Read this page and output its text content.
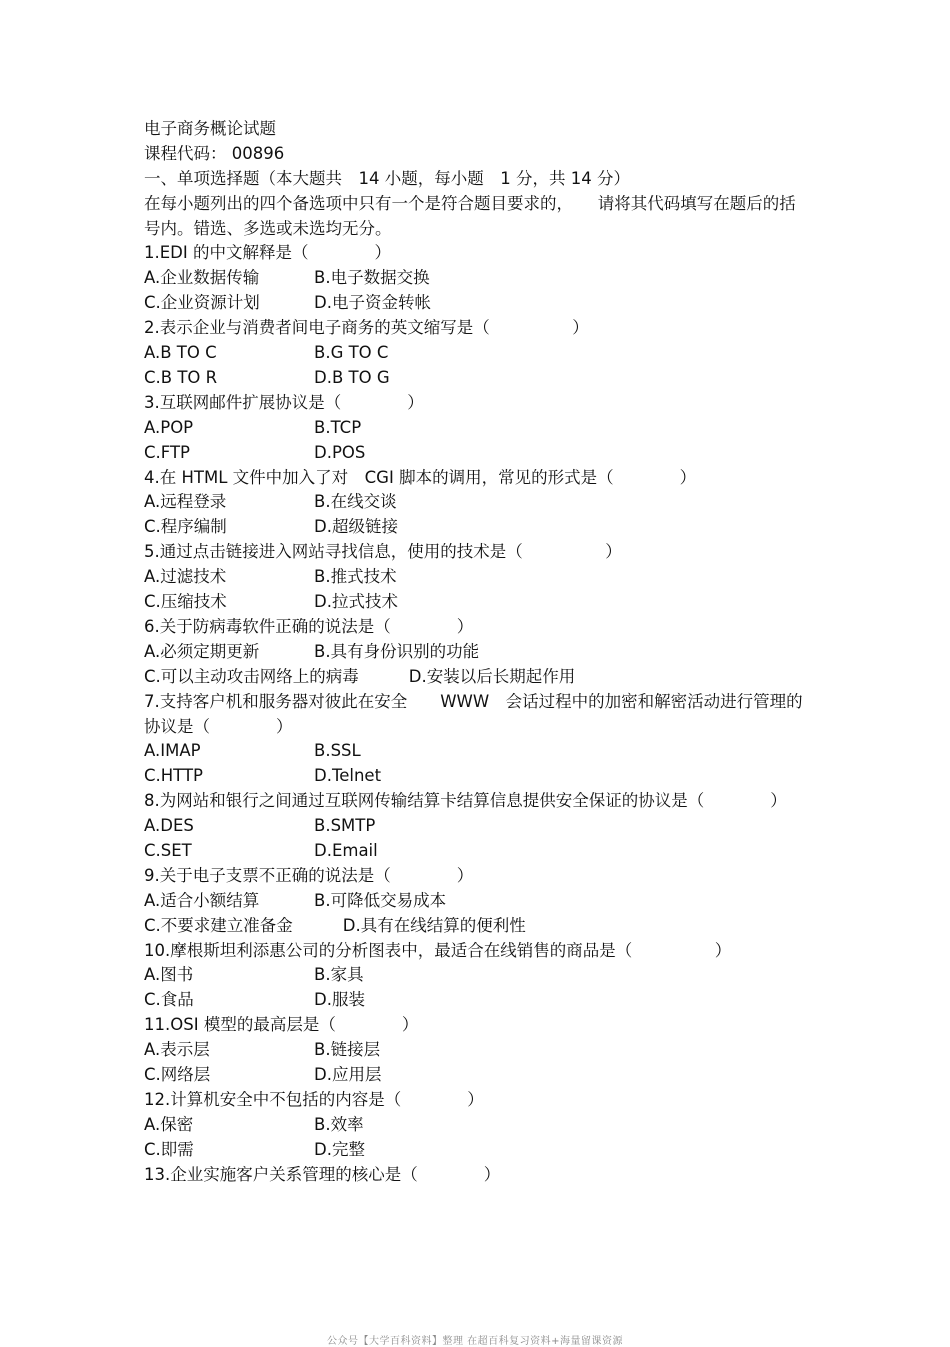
电子商务概论试题
课程代码： 00896
一、单项选择题（本大题共　14 小题，每小题　1 分，共 14 分）
在每小题列出的四个备选项中只有一个是符合题目要求的，　　请将其代码填写在题后的括号内。错选、多选或未选均无分。
1.EDI 的中文解释是（　　　　）
A.企业数据传输	B.电子数据交换
C.企业资源计划	D.电子资金转帐
2.表示企业与消费者间电子商务的英文缩写是（　　　　　）
A.B TO C	B.G TO C
C.B TO R	D.B TO G
3.互联网邮件扩展协议是（　　　　）
A.POP	B.TCP
C.FTP	D.POS
4.在 HTML 文件中加入了对　CGI 脚本的调用，常见的形式是（　　　　）
A.远程登录	B.在线交谈
C.程序编制	D.超级链接
5.通过点击链接进入网站寻找信息，使用的技术是（　　　　　）
A.过滤技术	B.推式技术
C.压缩技术	D.拉式技术
6.关于防病毒软件正确的说法是（　　　　）
A.必须定期更新	B.具有身份识别的功能
C.可以主动攻击网络上的病毒	D.安装以后长期起作用
7.支持客户机和服务器对彼此在安全　　WWW　会话过程中的加密和解密活动进行管理的协议是（　　　　）
A.IMAP	B.SSL
C.HTTP	D.Telnet
8.为网站和银行之间通过互联网传输结算卡结算信息提供安全保证的协议是（　　　　）
A.DES	B.SMTP
C.SET	D.Email
9.关于电子支票不正确的说法是（　　　　）
A.适合小额结算	B.可降低交易成本
C.不要求建立准备金	D.具有在线结算的便利性
10.摩根斯坦利添惠公司的分析图表中，最适合在线销售的商品是（　　　　　）
A.图书	B.家具
C.食品	D.服装
11.OSI 模型的最高层是（　　　　）
A.表示层	B.链接层
C.网络层	D.应用层
12.计算机安全中不包括的内容是（　　　　）
A.保密	B.效率
C.即需	D.完整
13.企业实施客户关系管理的核心是（　　　　）
公众号【大学百科资料】整理 在超百科复习资料+海量留课资源
